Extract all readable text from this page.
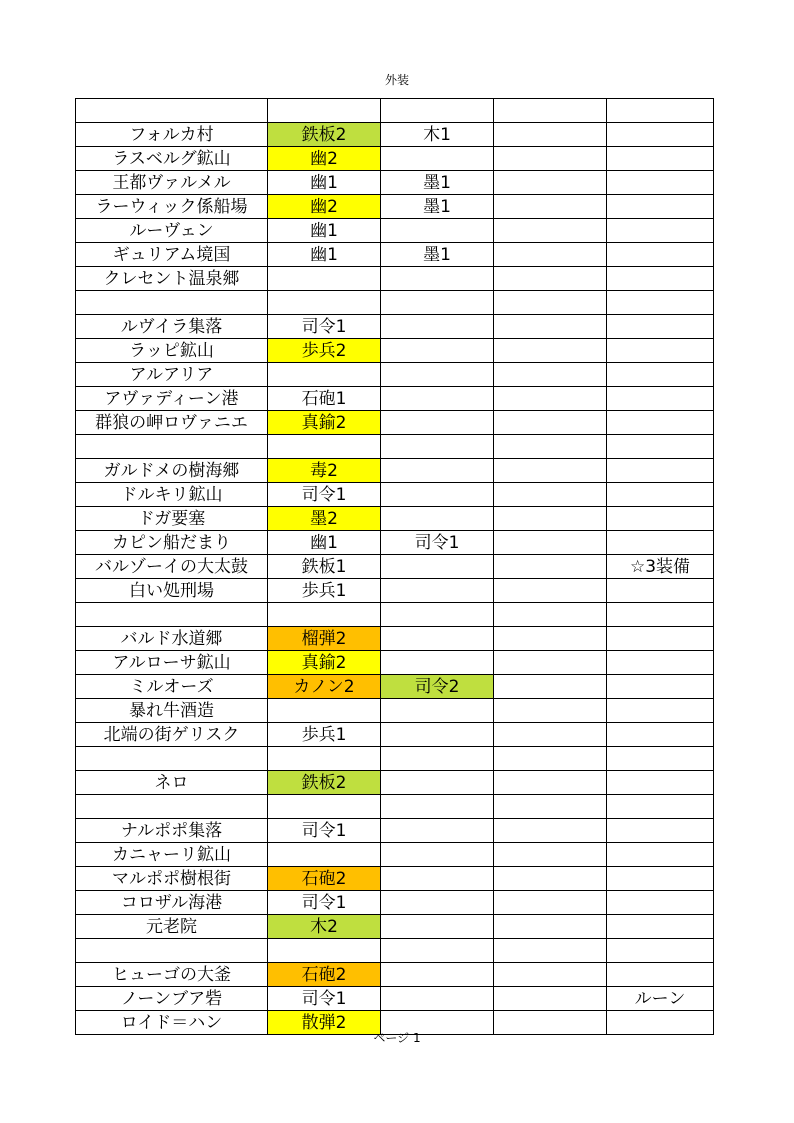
外装

フォルカ村	鉄板2	木1		
ラスベルグ鉱山	幽2			
王都ヴァルメル	幽1	墨1		
ラーウィック係船場	幽2	墨1		
ルーヴェン	幽1			
ギュリアム境国	幽1	墨1		
クレセント温泉郷				

ルヴイラ集落	司令1			
ラッピ鉱山	歩兵2			
アルアリア				
アヴァディーン港	石砲1			
群狼の岬ロヴァニエ	真鍮2			

ガルドメの樹海郷	毒2			
ドルキリ鉱山	司令1			
ドガ要塞	墨2			
カピン船だまり	幽1	司令1		
バルゾーイの大太鼓	鉄板1			☆3装備
白い処刑場	歩兵1			

バルド水道郷	榴弾2			
アルローサ鉱山	真鍮2			
ミルオーズ	カノン2	司令2		
暴れ牛酒造				
北端の街ゲリスク	歩兵1			

ネロ	鉄板2			

ナルポポ集落	司令1			
カニャーリ鉱山				
マルポポ樹根街	石砲2			
コロザル海港	司令1			
元老院	木2			

ヒューゴの大釜	石砲2			
ノーンブア砦	司令1			ルーン
ロイド＝ハン	散弾2			
ページ 1
